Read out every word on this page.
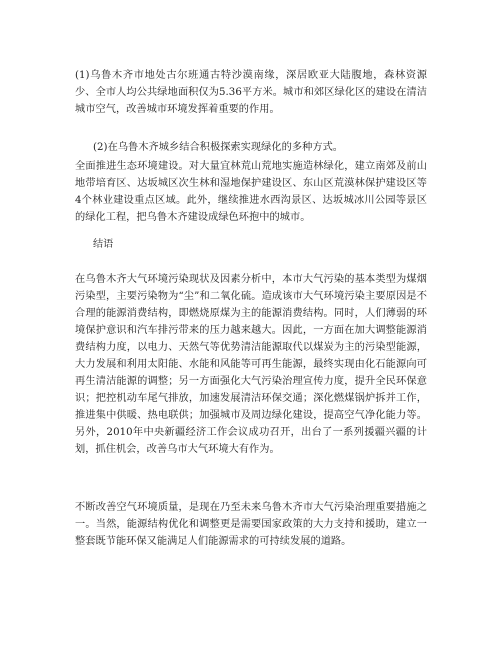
(1)乌鲁木齐市地处古尔班通古特沙漠南缘，深居欧亚大陆腹地，森林资源少、全市人均公共绿地面积仅为5.36平方米。城市和郊区绿化区的建设在清洁城市空气，改善城市环境发挥着重要的作用。

(2)在乌鲁木齐城乡结合积极探索实现绿化的多种方式。

全面推进生态环境建设。对大量宜林荒山荒地实施造林绿化，建立南郊及前山地带培育区、达坂城区次生林和湿地保护建设区、东山区荒漠林保护建设区等4个林业建设重点区域。此外，继续推进水西沟景区、达坂城冰川公园等景区的绿化工程，把乌鲁木齐建设成绿色环抱中的城市。

结语

在乌鲁木齐大气环境污染现状及因素分析中，本市大气污染的基本类型为煤烟污染型，主要污染物为“尘”和二氧化硫。造成该市大气环境污染主要原因是不合理的能源消费结构，即燃烧原煤为主的能源消费结构。同时，人们薄弱的环境保护意识和汽车排污带来的压力越来越大。因此，一方面在加大调整能源消费结构力度，以电力、天然气等优势清洁能源取代以煤炭为主的污染型能源，大力发展和利用太阳能、水能和风能等可再生能源，最终实现由化石能源向可再生清洁能源的调整；另一方面强化大气污染治理宣传力度，提升全民环保意识；把控机动车尾气排放，加速发展清洁环保交通；深化燃煤锅炉拆并工作，推进集中供暖、热电联供；加强城市及周边绿化建设，提高空气净化能力等。另外，2010年中央新疆经济工作会议成功召开，出台了一系列援疆兴疆的计划，抓住机会，改善乌市大气环境大有作为。

不断改善空气环境质量，是现在乃至未来乌鲁木齐市大气污染治理重要措施之一。当然，能源结构优化和调整更是需要国家政策的大力支持和援助，建立一整套既节能环保又能满足人们能源需求的可持续发展的道路。
